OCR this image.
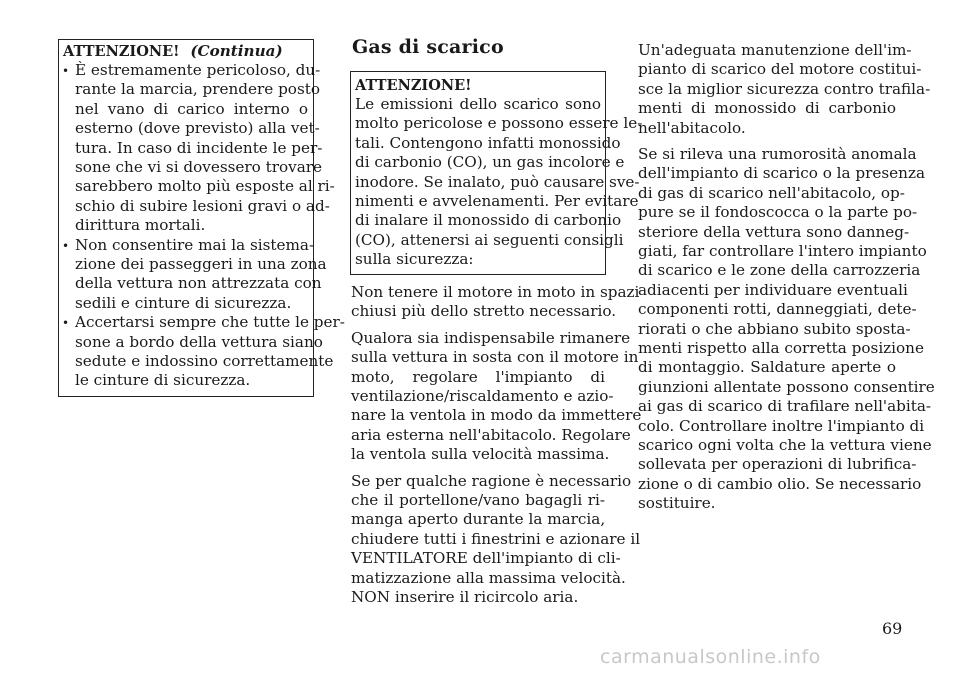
ATTENZIONE! (Continua)
• È estremamente pericoloso, du-
rante la marcia, prendere posto
nel vano di carico interno o
esterno (dove previsto) alla vet-
tura. In caso di incidente le per-
sone che vi si dovessero trovare
sarebbero molto più esposte al ri-
schio di subire lesioni gravi o ad-
dirittura mortali.
• Non consentire mai la sistema-
zione dei passeggeri in una zona
della vettura non attrezzata con
sedili e cinture di sicurezza.
• Accertarsi sempre che tutte le per-
sone a bordo della vettura siano
sedute e indossino correttamente
le cinture di sicurezza.
Gas di scarico
ATTENZIONE!
Le emissioni dello scarico sono
molto pericolose e possono essere le-
tali. Contengono infatti monossido
di carbonio (CO), un gas incolore e
inodore. Se inalato, può causare sve-
nimenti e avvelenamenti. Per evitare
di inalare il monossido di carbonio
(CO), attenersi ai seguenti consigli
sulla sicurezza:
Non tenere il motore in moto in spazi
chiusi più dello stretto necessario.
Qualora sia indispensabile rimanere
sulla vettura in sosta con il motore in
moto, regolare l'impianto di
ventilazione/riscaldamento e azio-
nare la ventola in modo da immettere
aria esterna nell'abitacolo. Regolare
la ventola sulla velocità massima.
Se per qualche ragione è necessario
che il portellone/vano bagagli ri-
manga aperto durante la marcia,
chiudere tutti i finestrini e azionare il
VENTILATORE dell'impianto di cli-
matizzazione alla massima velocità.
NON inserire il ricircolo aria.
Un'adeguata manutenzione dell'im-
pianto di scarico del motore costitui-
sce la miglior sicurezza contro trafila-
menti di monossido di carbonio
nell'abitacolo.
Se si rileva una rumorosità anomala
dell'impianto di scarico o la presenza
di gas di scarico nell'abitacolo, op-
pure se il fondoscocca o la parte po-
steriore della vettura sono danneg-
giati, far controllare l'intero impianto
di scarico e le zone della carrozzeria
adiacenti per individuare eventuali
componenti rotti, danneggiati, dete-
riorati o che abbiano subito sposta-
menti rispetto alla corretta posizione
di montaggio. Saldature aperte o
giunzioni allentate possono consentire
ai gas di scarico di trafilare nell'abita-
colo. Controllare inoltre l'impianto di
scarico ogni volta che la vettura viene
sollevata per operazioni di lubrifica-
zione o di cambio olio. Se necessario
sostituire.
69
carmanualsonline.info
